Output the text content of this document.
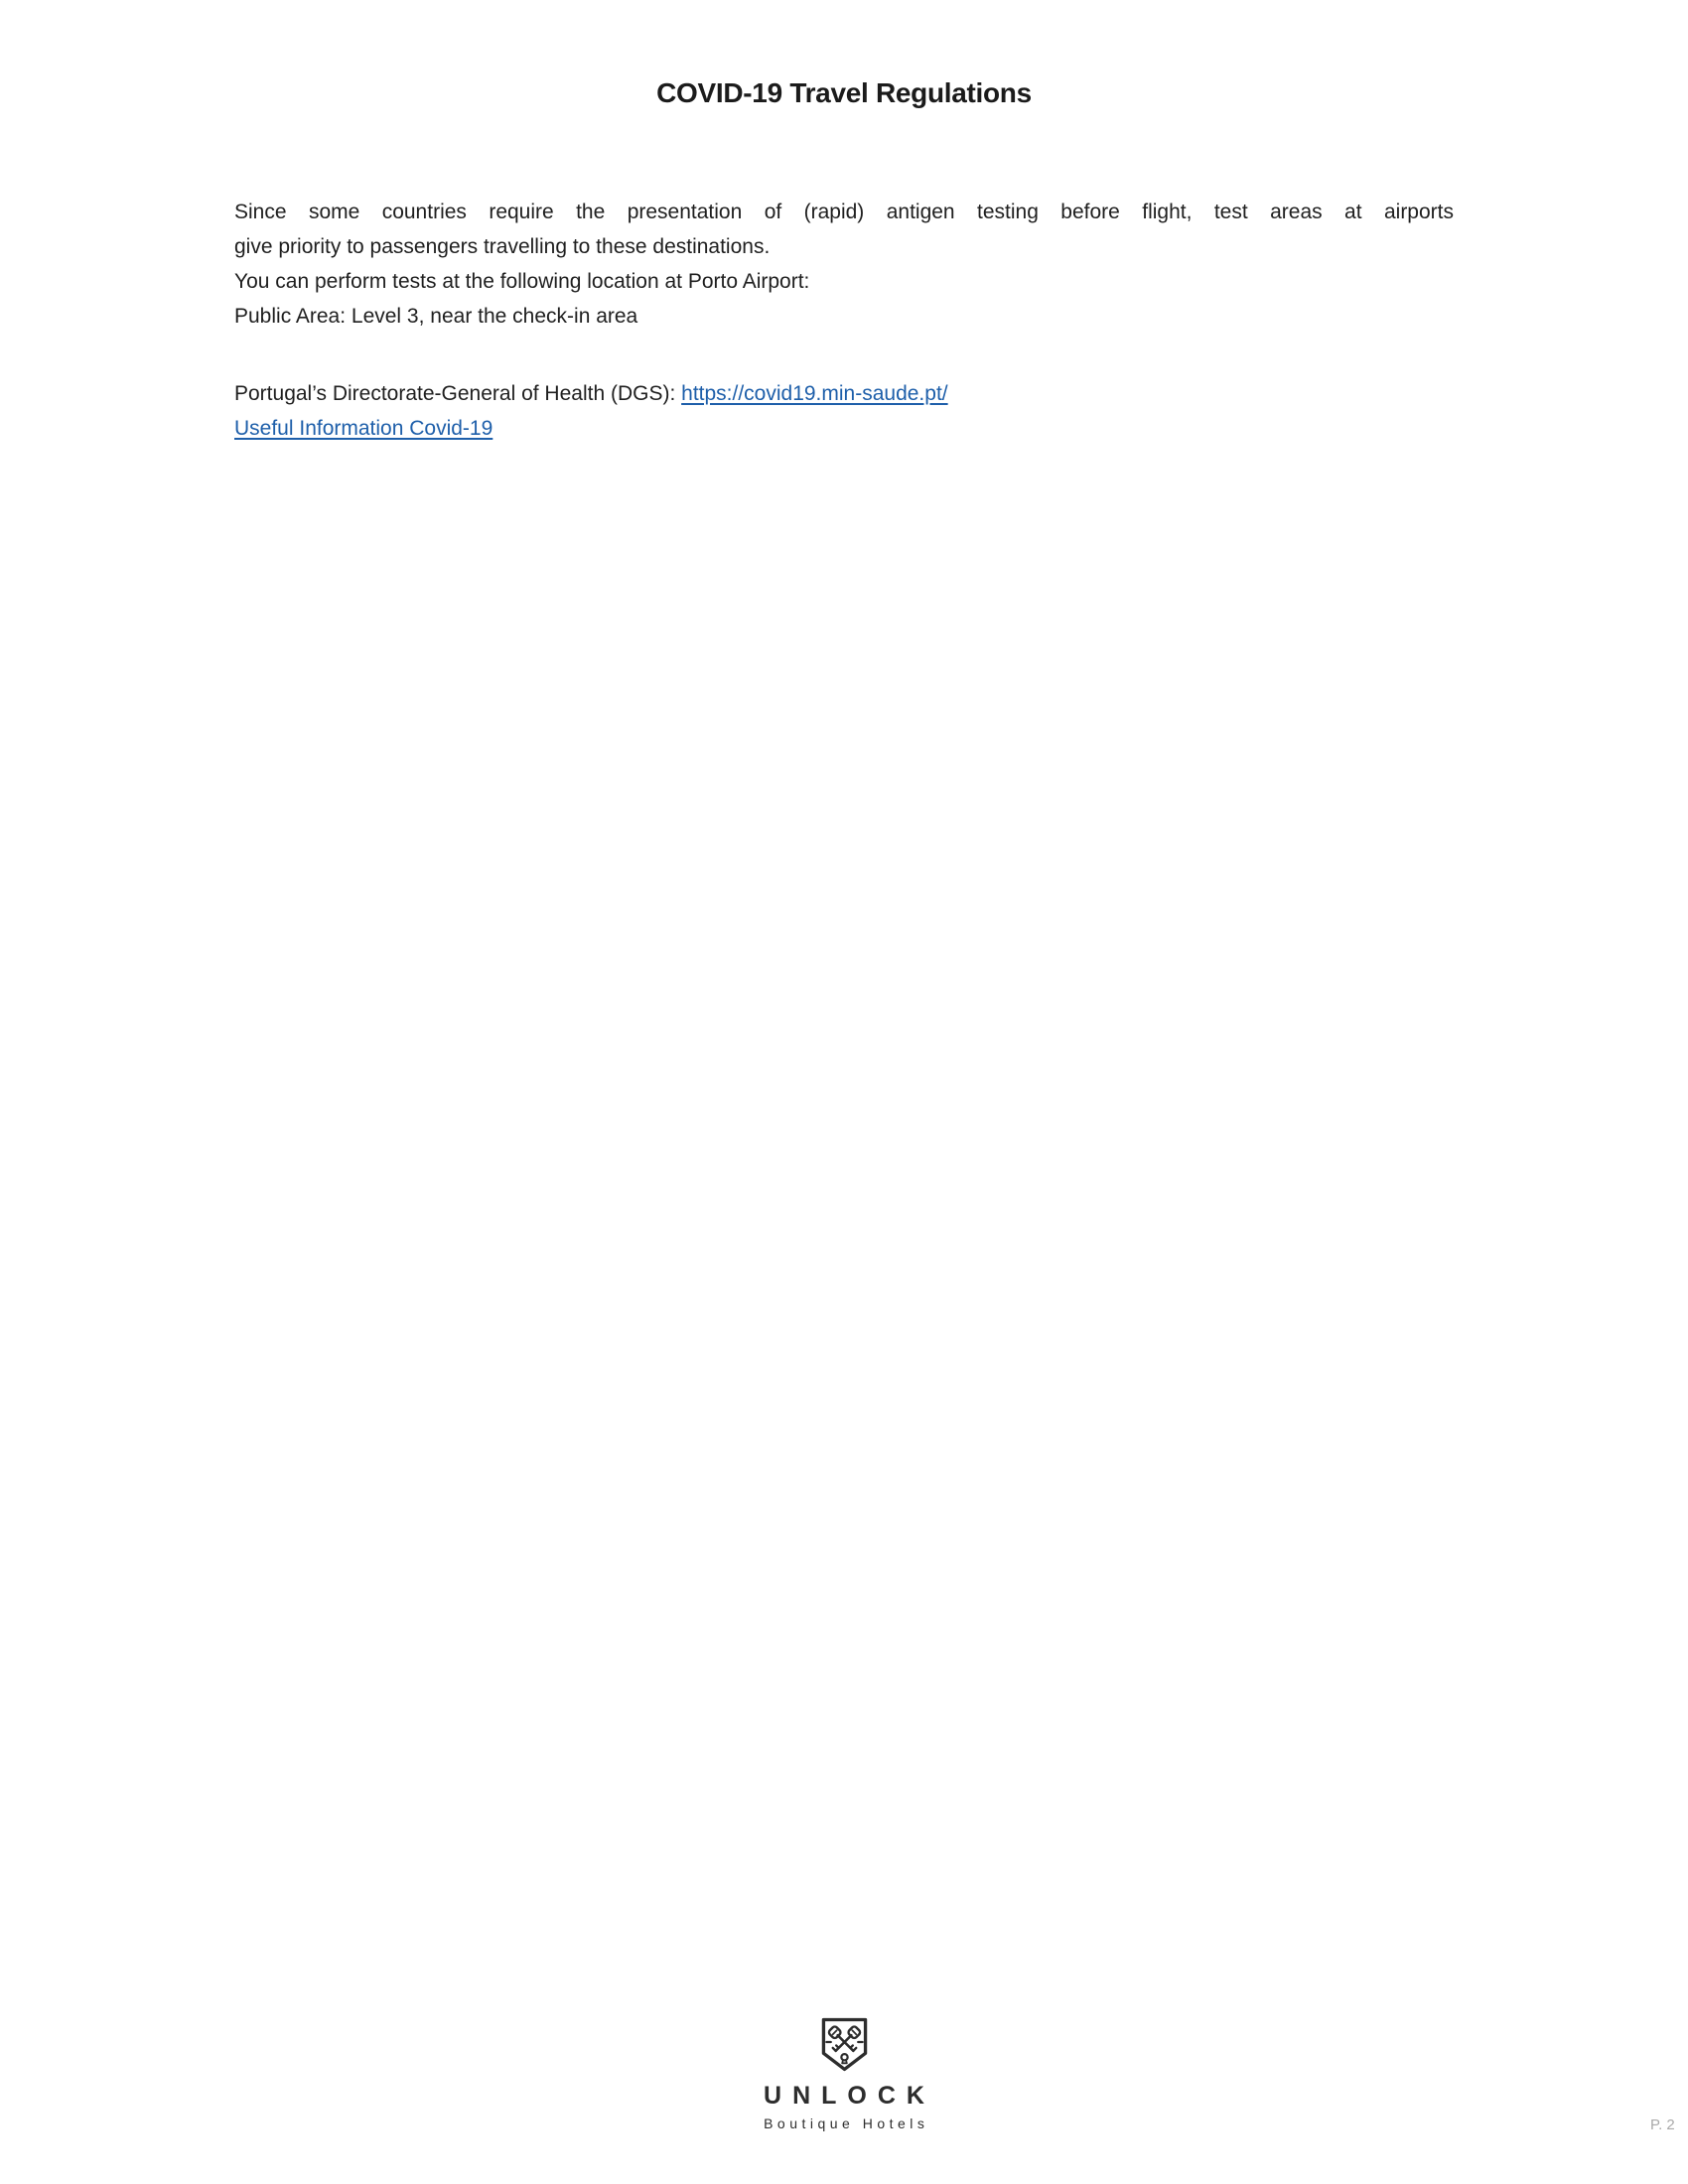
COVID-19 Travel Regulations
Since some countries require the presentation of (rapid) antigen testing before flight, test areas at airports
give priority to passengers travelling to these destinations.
You can perform tests at the following location at Porto Airport:
Public Area: Level 3, near the check-in area
Portugal’s Directorate-General of Health (DGS): https://covid19.min-saude.pt/
Useful Information Covid-19
UNLOCK
Boutique Hotels	P. 2
